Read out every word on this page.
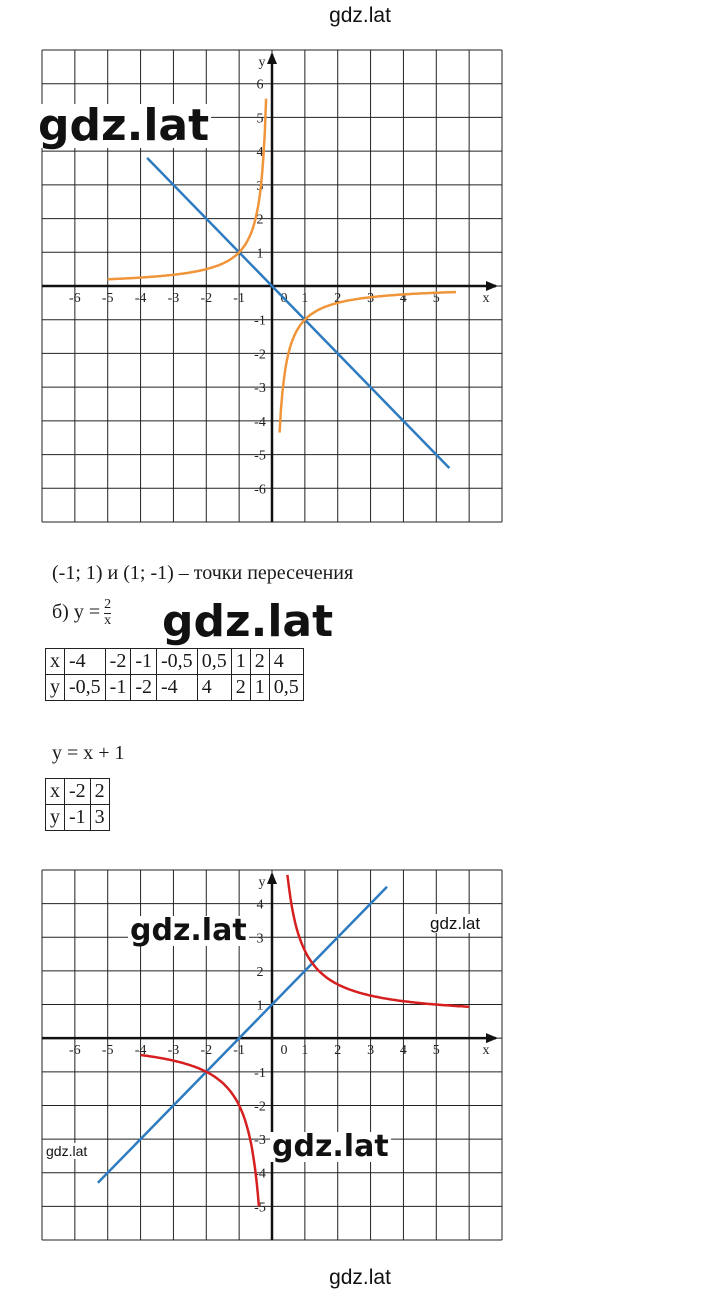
gdz.lat
x
y
0
-6 -5 -4 -3 -2 -1	1 2 3 4 5
6
5
4
3
2
1
-1
-2
-3
-4
-5
-6
gdz.lat
(-1; 1) и (1; -1) – точки пересечения
б) $y = \frac{2}{x} gdz.lat$
x	-4	-2	-1	-0,5	0,5	1	2	4
y	-0,5	-1	-2	-4	4	2	1	0,5
y = x + 1
x	-2	2
y	-1	3
x
y
0
-6 -5 -4 -3 -2 -1	1 2 3 4 5
4
3
2
1
-1
-2
-3
-4
-5
gdz.lat	gdz.lat
gdz.lat	gdz.lat
gdz.lat
